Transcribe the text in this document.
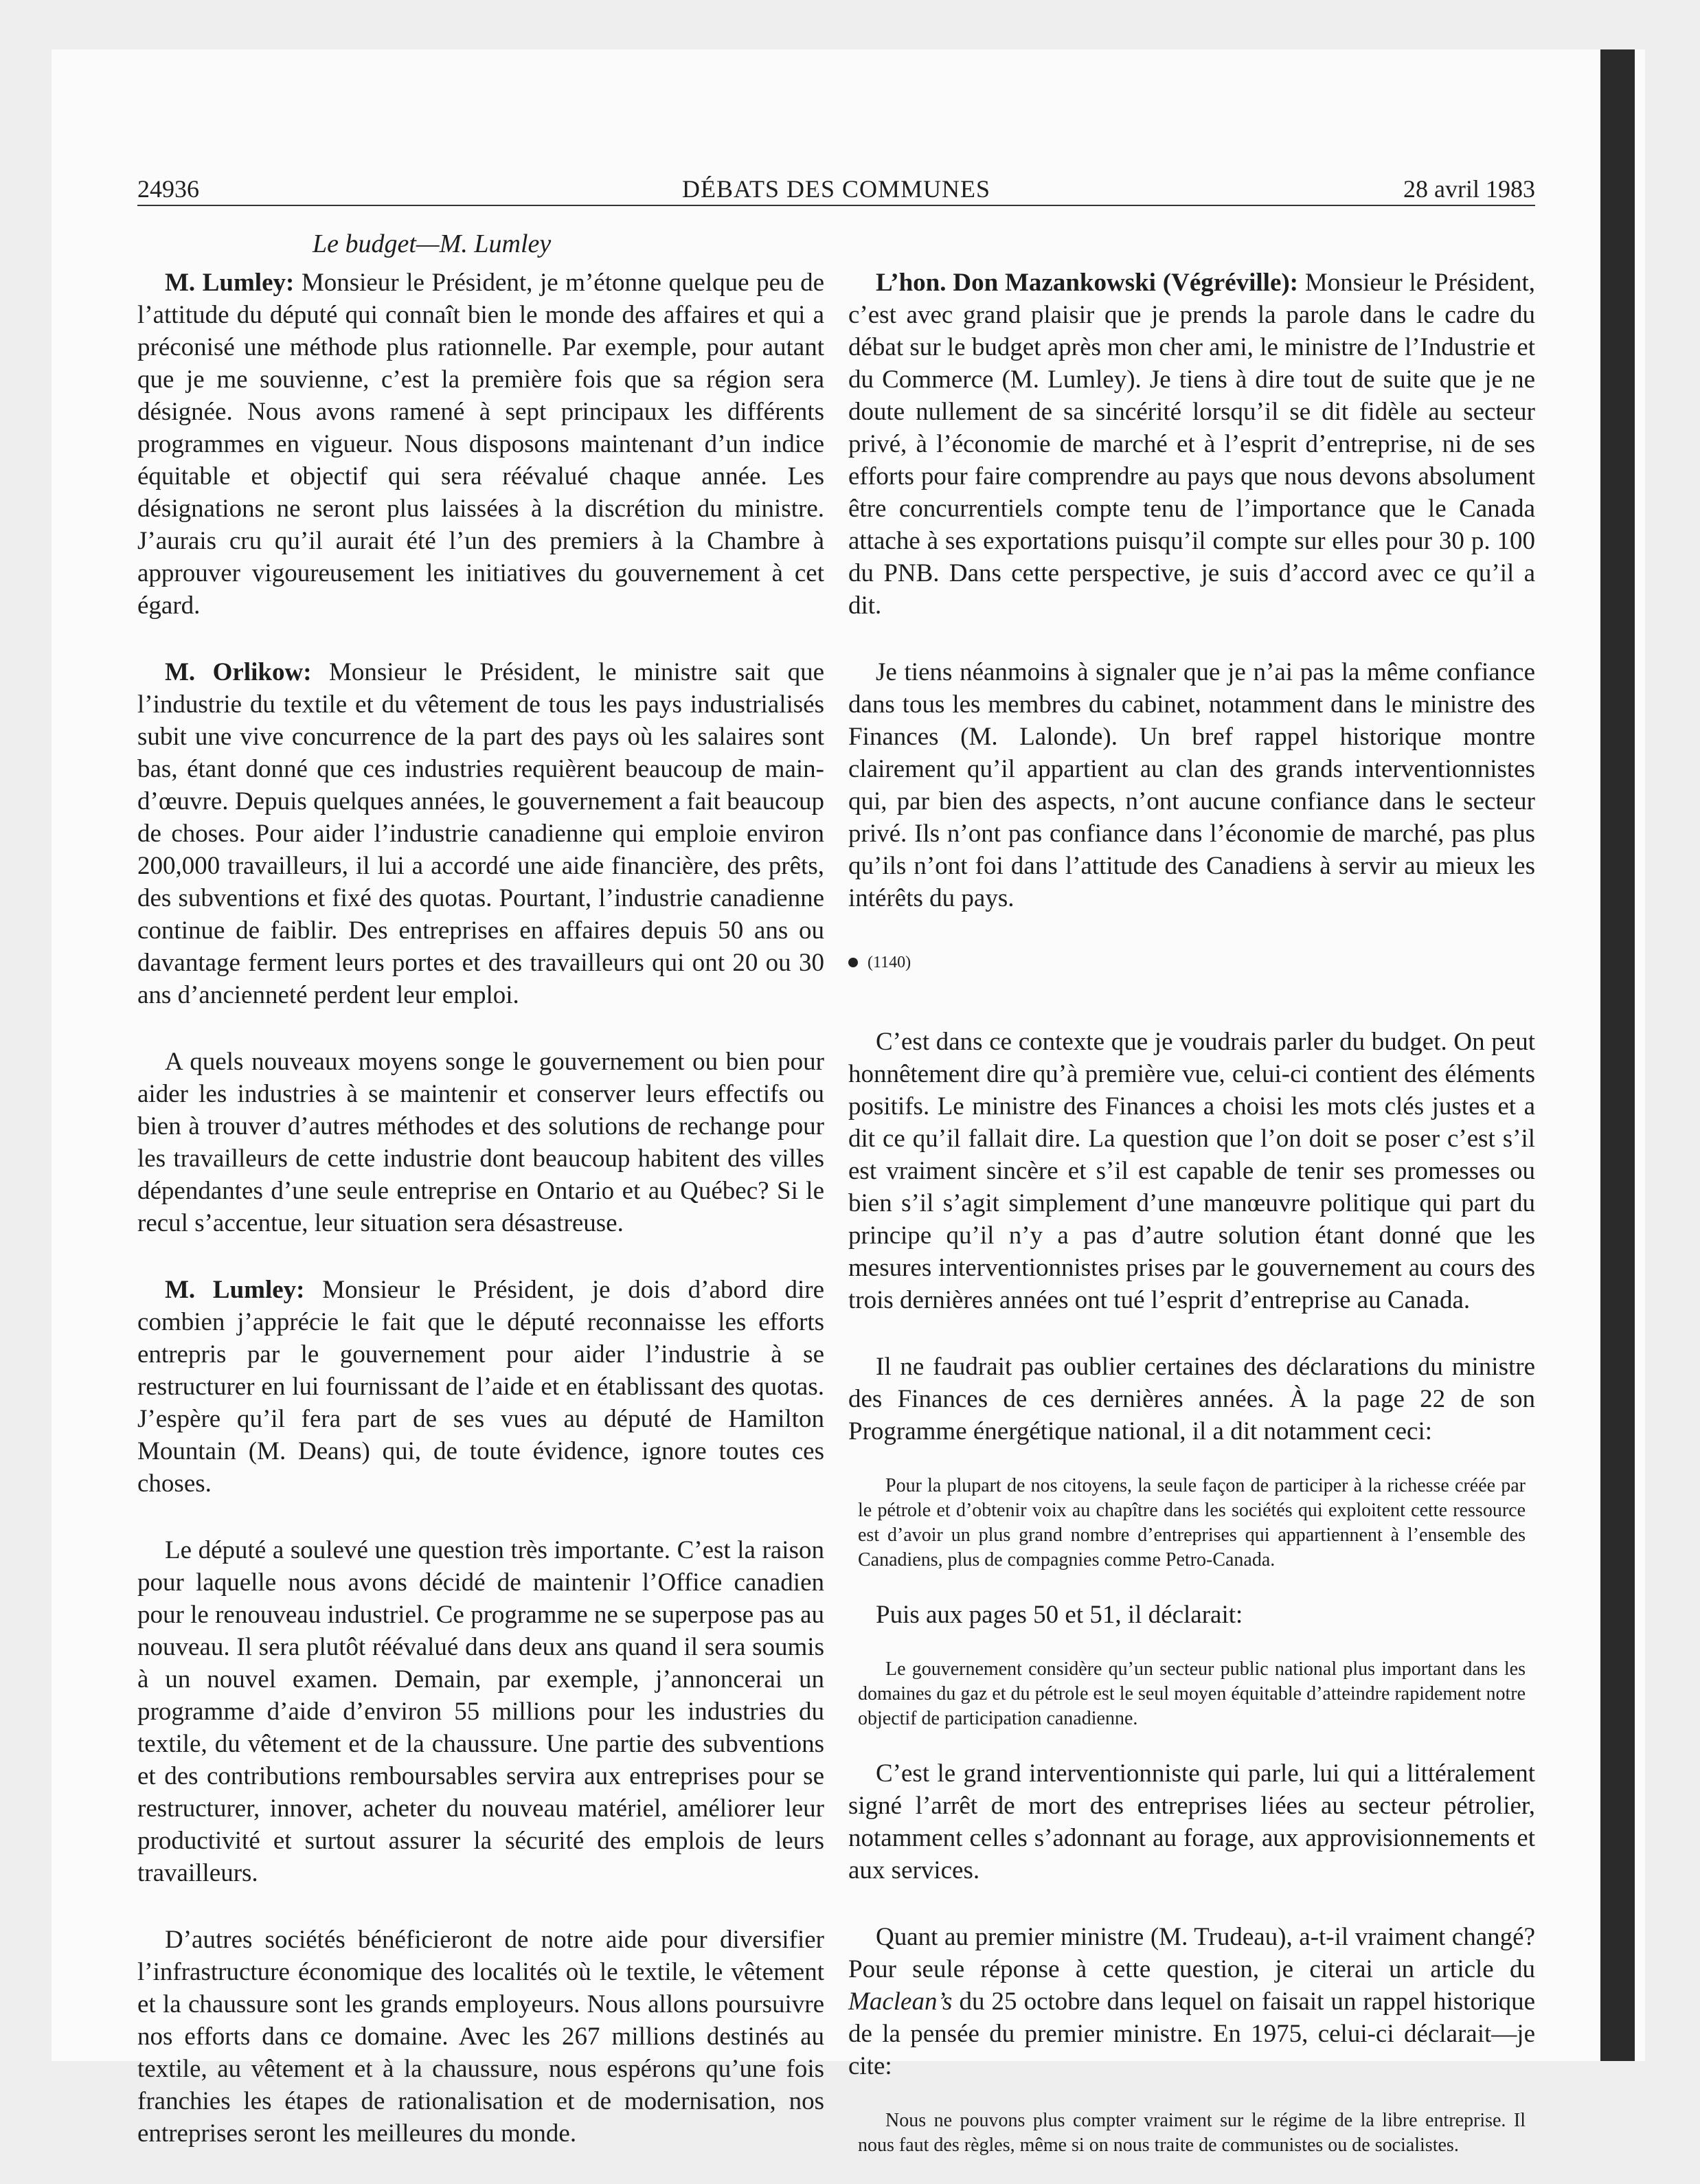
24936	DÉBATS DES COMMUNES	28 avril 1983
Le budget—M. Lumley

M. Lumley: Monsieur le Président, je m’étonne quelque peu de l’attitude du député qui connaît bien le monde des affaires et qui a préconisé une méthode plus rationnelle. Par exemple, pour autant que je me souvienne, c’est la première fois que sa région sera désignée. Nous avons ramené à sept principaux les différents programmes en vigueur. Nous disposons maintenant d’un indice équitable et objectif qui sera réévalué chaque année. Les désignations ne seront plus laissées à la discrétion du ministre. J’aurais cru qu’il aurait été l’un des premiers à la Chambre à approuver vigoureusement les initiatives du gouvernement à cet égard.

M. Orlikow: Monsieur le Président, le ministre sait que l’industrie du textile et du vêtement de tous les pays industrialisés subit une vive concurrence de la part des pays où les salaires sont bas, étant donné que ces industries requièrent beaucoup de main-d’œuvre. Depuis quelques années, le gouvernement a fait beaucoup de choses. Pour aider l’industrie canadienne qui emploie environ 200,000 travailleurs, il lui a accordé une aide financière, des prêts, des subventions et fixé des quotas. Pourtant, l’industrie canadienne continue de faiblir. Des entreprises en affaires depuis 50 ans ou davantage ferment leurs portes et des travailleurs qui ont 20 ou 30 ans d’ancienneté perdent leur emploi.

A quels nouveaux moyens songe le gouvernement ou bien pour aider les industries à se maintenir et conserver leurs effectifs ou bien à trouver d’autres méthodes et des solutions de rechange pour les travailleurs de cette industrie dont beaucoup habitent des villes dépendantes d’une seule entreprise en Ontario et au Québec? Si le recul s’accentue, leur situation sera désastreuse.

M. Lumley: Monsieur le Président, je dois d’abord dire combien j’apprécie le fait que le député reconnaisse les efforts entrepris par le gouvernement pour aider l’industrie à se restructurer en lui fournissant de l’aide et en établissant des quotas. J’espère qu’il fera part de ses vues au député de Hamilton Mountain (M. Deans) qui, de toute évidence, ignore toutes ces choses.

Le député a soulevé une question très importante. C’est la raison pour laquelle nous avons décidé de maintenir l’Office canadien pour le renouveau industriel. Ce programme ne se superpose pas au nouveau. Il sera plutôt réévalué dans deux ans quand il sera soumis à un nouvel examen. Demain, par exemple, j’annoncerai un programme d’aide d’environ 55 millions pour les industries du textile, du vêtement et de la chaussure. Une partie des subventions et des contributions remboursables servira aux entreprises pour se restructurer, innover, acheter du nouveau matériel, améliorer leur productivité et surtout assurer la sécurité des emplois de leurs travailleurs.

D’autres sociétés bénéficieront de notre aide pour diversifier l’infrastructure économique des localités où le textile, le vêtement et la chaussure sont les grands employeurs. Nous allons poursuivre nos efforts dans ce domaine. Avec les 267 millions destinés au textile, au vêtement et à la chaussure, nous espérons qu’une fois franchies les étapes de rationalisation et de modernisation, nos entreprises seront les meilleures du monde.

L’hon. Don Mazankowski (Végréville): Monsieur le Président, c’est avec grand plaisir que je prends la parole dans le cadre du débat sur le budget après mon cher ami, le ministre de l’Industrie et du Commerce (M. Lumley). Je tiens à dire tout de suite que je ne doute nullement de sa sincérité lorsqu’il se dit fidèle au secteur privé, à l’économie de marché et à l’esprit d’entreprise, ni de ses efforts pour faire comprendre au pays que nous devons absolument être concurrentiels compte tenu de l’importance que le Canada attache à ses exportations puisqu’il compte sur elles pour 30 p. 100 du PNB. Dans cette perspective, je suis d’accord avec ce qu’il a dit.

Je tiens néanmoins à signaler que je n’ai pas la même confiance dans tous les membres du cabinet, notamment dans le ministre des Finances (M. Lalonde). Un bref rappel historique montre clairement qu’il appartient au clan des grands interventionnistes qui, par bien des aspects, n’ont aucune confiance dans le secteur privé. Ils n’ont pas confiance dans l’économie de marché, pas plus qu’ils n’ont foi dans l’attitude des Canadiens à servir au mieux les intérêts du pays.

(1140)

C’est dans ce contexte que je voudrais parler du budget. On peut honnêtement dire qu’à première vue, celui-ci contient des éléments positifs. Le ministre des Finances a choisi les mots clés justes et a dit ce qu’il fallait dire. La question que l’on doit se poser c’est s’il est vraiment sincère et s’il est capable de tenir ses promesses ou bien s’il s’agit simplement d’une manœuvre politique qui part du principe qu’il n’y a pas d’autre solution étant donné que les mesures interventionnistes prises par le gouvernement au cours des trois dernières années ont tué l’esprit d’entreprise au Canada.

Il ne faudrait pas oublier certaines des déclarations du ministre des Finances de ces dernières années. À la page 22 de son Programme énergétique national, il a dit notamment ceci:

Pour la plupart de nos citoyens, la seule façon de participer à la richesse créée par le pétrole et d’obtenir voix au chapître dans les sociétés qui exploitent cette ressource est d’avoir un plus grand nombre d’entreprises qui appartiennent à l’ensemble des Canadiens, plus de compagnies comme Petro-Canada.

Puis aux pages 50 et 51, il déclarait:

Le gouvernement considère qu’un secteur public national plus important dans les domaines du gaz et du pétrole est le seul moyen équitable d’atteindre rapidement notre objectif de participation canadienne.

C’est le grand interventionniste qui parle, lui qui a littéralement signé l’arrêt de mort des entreprises liées au secteur pétrolier, notamment celles s’adonnant au forage, aux approvisionnements et aux services.

Quant au premier ministre (M. Trudeau), a-t-il vraiment changé? Pour seule réponse à cette question, je citerai un article du Maclean’s du 25 octobre dans lequel on faisait un rappel historique de la pensée du premier ministre. En 1975, celui-ci déclarait—je cite:

Nous ne pouvons plus compter vraiment sur le régime de la libre entreprise. Il nous faut des règles, même si on nous traite de communistes ou de socialistes.
